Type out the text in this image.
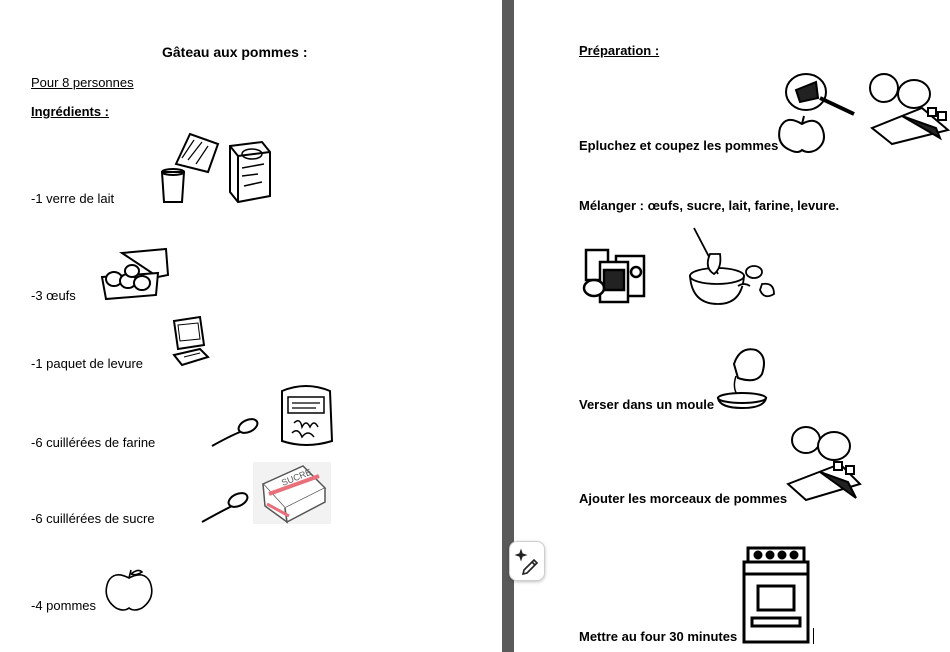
Gâteau aux pommes :
Pour 8 personnes
Ingrédients :
-1 verre de lait
-3 œufs
-1 paquet de levure
-6 cuillérées de farine
-6 cuillérées de sucre
-4 pommes
SUCRE
Préparation :
Epluchez et coupez les pommes
Mélanger : œufs, sucre, lait, farine, levure.
Verser dans un moule
Ajouter les morceaux de pommes
Mettre au four 30 minutes
